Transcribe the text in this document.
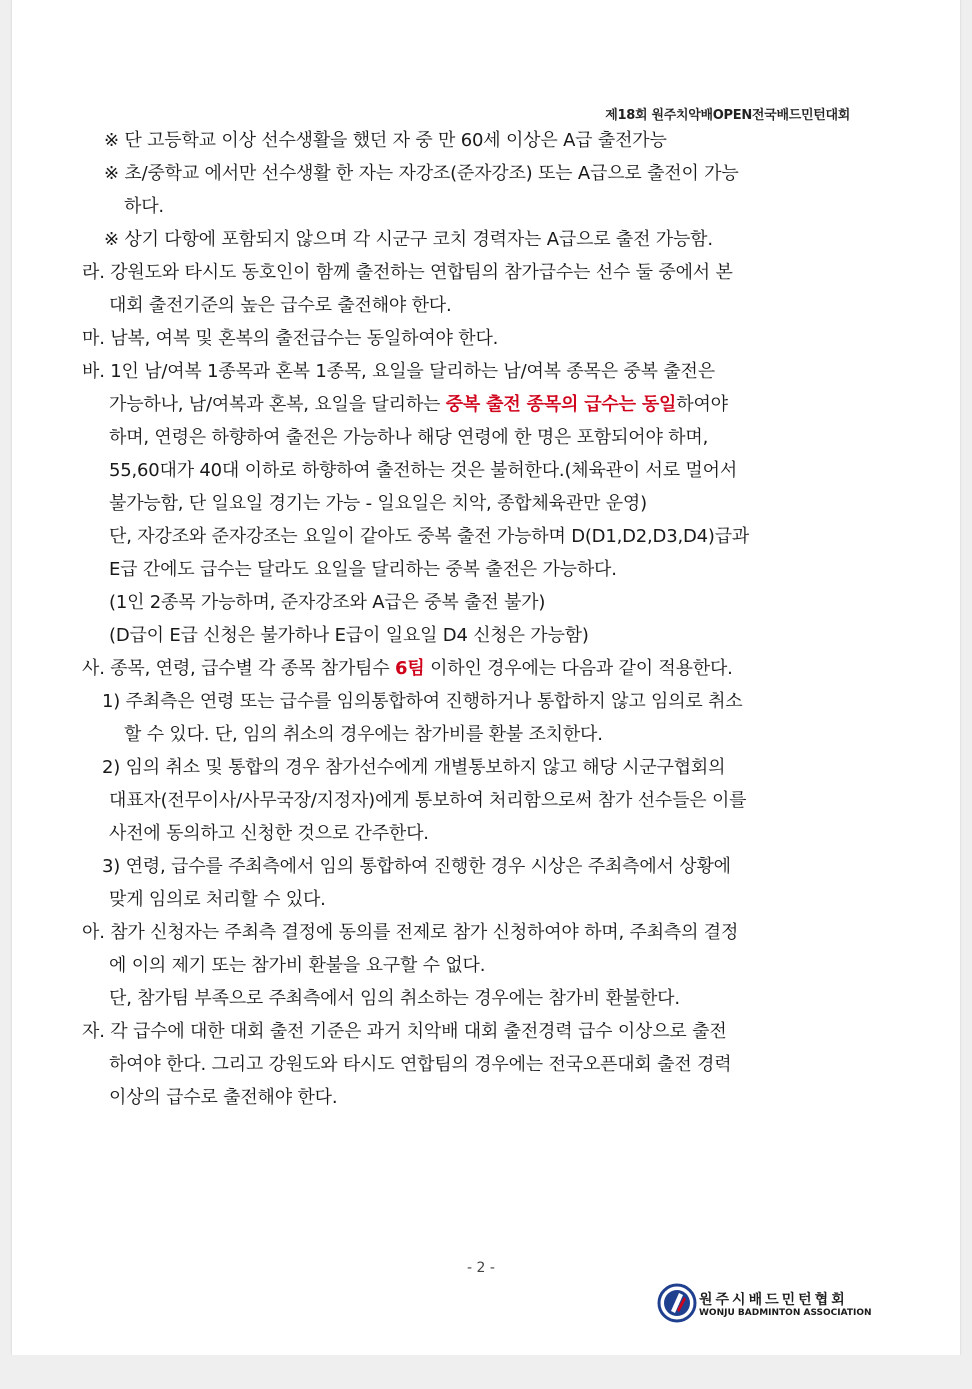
제18회 원주치악배OPEN전국배드민턴대회
※ 단 고등학교 이상 선수생활을 했던 자 중 만 60세 이상은 A급 출전가능
※ 초/중학교 에서만 선수생활 한 자는 자강조(준자강조) 또는 A급으로 출전이 가능
하다.
※ 상기 다항에 포함되지 않으며 각 시군구 코치 경력자는 A급으로 출전 가능함.
라. 강원도와 타시도 동호인이 함께 출전하는 연합팀의 참가급수는 선수 둘 중에서 본
대회 출전기준의 높은 급수로 출전해야 한다.
마. 남복, 여복 및 혼복의 출전급수는 동일하여야 한다.
바. 1인 남/여복 1종목과 혼복 1종목, 요일을 달리하는 남/여복 종목은 중복 출전은
가능하나, 남/여복과 혼복, 요일을 달리하는 중복 출전 종목의 급수는 동일하여야
하며, 연령은 하향하여 출전은 가능하나 해당 연령에 한 명은 포함되어야 하며,
55,60대가 40대 이하로 하향하여 출전하는 것은 불허한다.(체육관이 서로 멀어서
불가능함, 단 일요일 경기는 가능 - 일요일은 치악, 종합체육관만 운영)
단, 자강조와 준자강조는 요일이 같아도 중복 출전 가능하며 D(D1,D2,D3,D4)급과
E급 간에도 급수는 달라도 요일을 달리하는 중복 출전은 가능하다.
(1인 2종목 가능하며, 준자강조와 A급은 중복 출전 불가)
(D급이 E급 신청은 불가하나 E급이 일요일 D4 신청은 가능함)
사. 종목, 연령, 급수별 각 종목 참가팀수 6팀 이하인 경우에는 다음과 같이 적용한다.
1) 주최측은 연령 또는 급수를 임의통합하여 진행하거나 통합하지 않고 임의로 취소
할 수 있다. 단, 임의 취소의 경우에는 참가비를 환불 조치한다.
2) 임의 취소 및 통합의 경우 참가선수에게 개별통보하지 않고 해당 시군구협회의
대표자(전무이사/사무국장/지정자)에게 통보하여 처리함으로써 참가 선수들은 이를
사전에 동의하고 신청한 것으로 간주한다.
3) 연령, 급수를 주최측에서 임의 통합하여 진행한 경우 시상은 주최측에서 상황에
맞게 임의로 처리할 수 있다.
아. 참가 신청자는 주최측 결정에 동의를 전제로 참가 신청하여야 하며, 주최측의 결정
에 이의 제기 또는 참가비 환불을 요구할 수 없다.
단, 참가팀 부족으로 주최측에서 임의 취소하는 경우에는 참가비 환불한다.
자. 각 급수에 대한 대회 출전 기준은 과거 치악배 대회 출전경력 급수 이상으로 출전
하여야 한다. 그리고 강원도와 타시도 연합팀의 경우에는 전국오픈대회 출전 경력
이상의 급수로 출전해야 한다.
- 2 -
원주시배드민턴협회
WONJU BADMINTON ASSOCIATION
